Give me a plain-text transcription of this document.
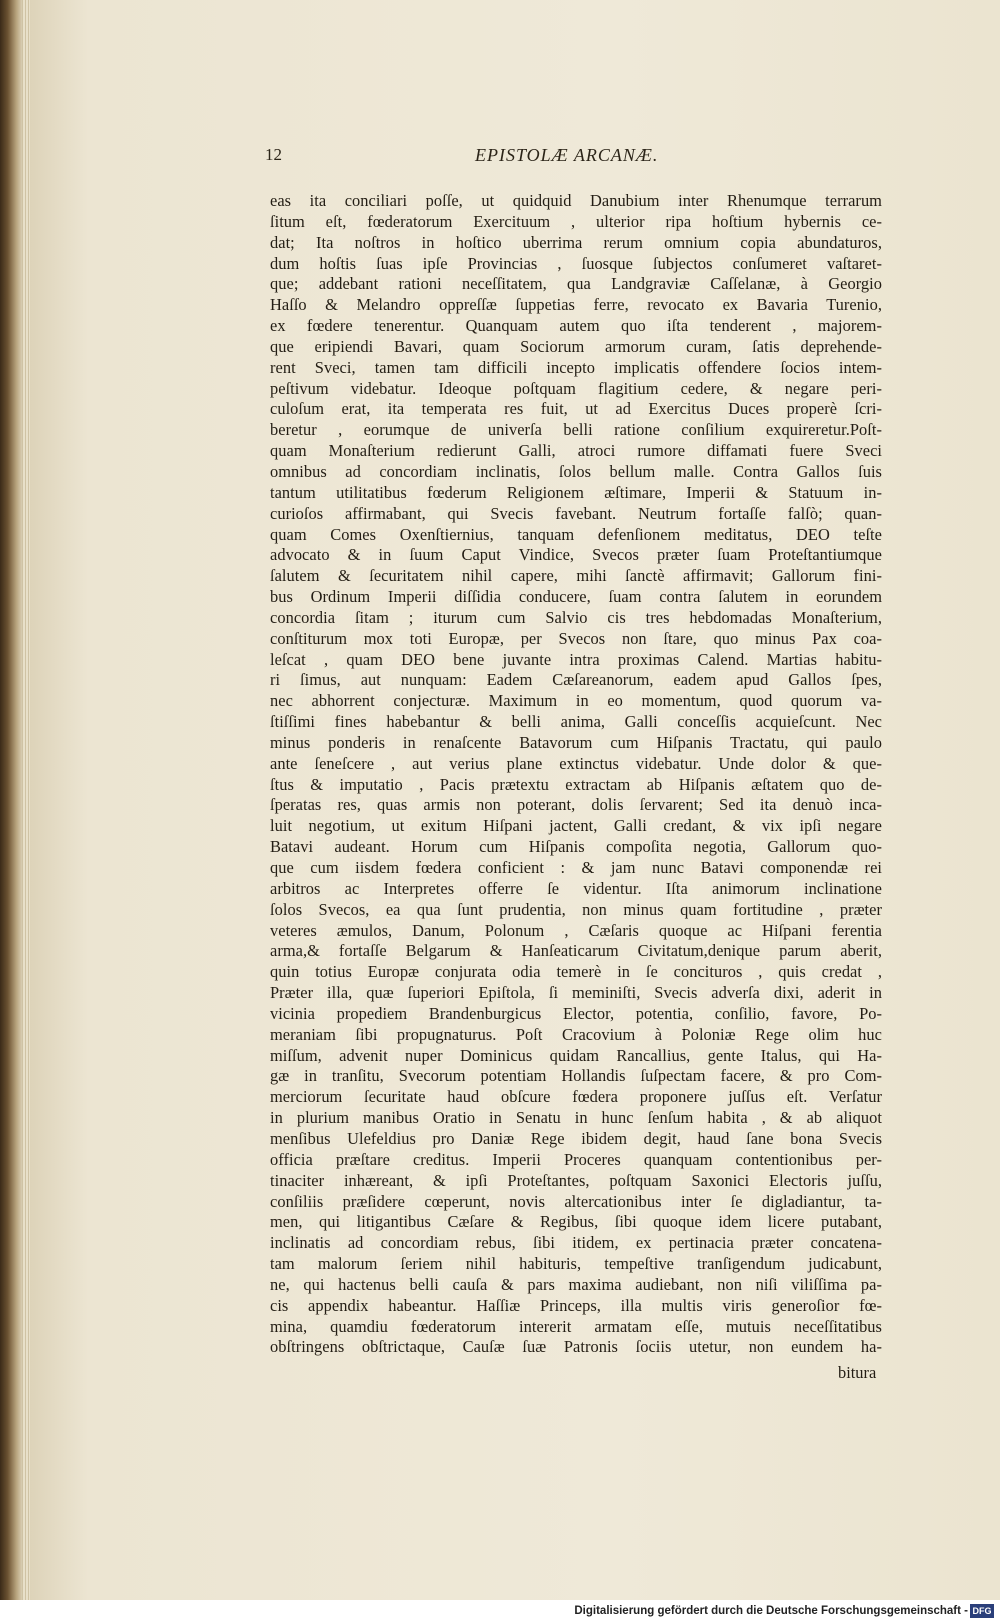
12	EPISTOLÆ ARCANÆ.
eas ita conciliari poſſe, ut quidquid Danubium inter Rhenumque terrarum
ſitum eſt, fœderatorum Exercituum , ulterior ripa hoſtium hybernis ce-
dat; Ita noſtros in hoſtico uberrima rerum omnium copia abundaturos,
dum hoſtis ſuas ipſe Provincias , ſuosque ſubjectos conſumeret vaſtaret-
que; addebant rationi neceſſitatem, qua Landgraviæ Caſſelanæ, à Georgio
Haſſo & Melandro oppreſſæ ſuppetias ferre, revocato ex Bavaria Turenio,
ex fœdere tenerentur. Quanquam autem quo iſta tenderent , majorem-
que eripiendi Bavari, quam Sociorum armorum curam, ſatis deprehende-
rent Sveci, tamen tam difficili incepto implicatis offendere ſocios intem-
peſtivum videbatur. Ideoque poſtquam flagitium cedere, & negare peri-
culoſum erat, ita temperata res fuit, ut ad Exercitus Duces properè ſcri-
beretur , eorumque de univerſa belli ratione conſilium exquireretur.Poſt-
quam Monaſterium redierunt Galli, atroci rumore diffamati fuere Sveci
omnibus ad concordiam inclinatis, ſolos bellum malle. Contra Gallos ſuis
tantum utilitatibus fœderum Religionem æſtimare, Imperii & Statuum in-
curioſos affirmabant, qui Svecis favebant. Neutrum fortaſſe falſò; quan-
quam Comes Oxenſtiernius, tanquam defenſionem meditatus, DEO teſte
advocato & in ſuum Caput Vindice, Svecos præter ſuam Proteſtantiumque
ſalutem & ſecuritatem nihil capere, mihi ſanctè affirmavit; Gallorum fini-
bus Ordinum Imperii diſſidia conducere, ſuam contra ſalutem in eorundem
concordia ſitam ; iturum cum Salvio cis tres hebdomadas Monaſterium,
conſtiturum mox toti Europæ, per Svecos non ſtare, quo minus Pax coa-
leſcat , quam DEO bene juvante intra proximas Calend. Martias habitu-
ri ſimus, aut nunquam: Eadem Cæſareanorum, eadem apud Gallos ſpes,
nec abhorrent conjecturæ. Maximum in eo momentum, quod quorum va-
ſtiſſimi fines habebantur & belli anima, Galli conceſſis acquieſcunt. Nec
minus ponderis in renaſcente Batavorum cum Hiſpanis Tractatu, qui paulo
ante ſeneſcere , aut verius plane extinctus videbatur. Unde dolor & que-
ſtus & imputatio , Pacis prætextu extractam ab Hiſpanis æſtatem quo de-
ſperatas res, quas armis non poterant, dolis ſervarent; Sed ita denuò inca-
luit negotium, ut exitum Hiſpani jactent, Galli credant, & vix ipſi negare
Batavi audeant. Horum cum Hiſpanis compoſita negotia, Gallorum quo-
que cum iisdem fœdera conficient : & jam nunc Batavi componendæ rei
arbitros ac Interpretes offerre ſe videntur. Iſta animorum inclinatione
ſolos Svecos, ea qua ſunt prudentia, non minus quam fortitudine , præter
veteres æmulos, Danum, Polonum , Cæſaris quoque ac Hiſpani ferentia
arma,& fortaſſe Belgarum & Hanſeaticarum Civitatum,denique parum aberit,
quin totius Europæ conjurata odia temerè in ſe concituros , quis credat ,
Præter illa, quæ ſuperiori Epiſtola, ſi meminiſti, Svecis adverſa dixi, aderit in
vicinia propediem Brandenburgicus Elector, potentia, conſilio, favore, Po-
meraniam ſibi propugnaturus. Poſt Cracovium à Poloniæ Rege olim huc
miſſum, advenit nuper Dominicus quidam Rancallius, gente Italus, qui Ha-
gæ in tranſitu, Svecorum potentiam Hollandis ſuſpectam facere, & pro Com-
merciorum ſecuritate haud obſcure fœdera proponere juſſus eſt. Verſatur
in plurium manibus Oratio in Senatu in hunc ſenſum habita , & ab aliquot
menſibus Ulefeldius pro Daniæ Rege ibidem degit, haud ſane bona Svecis
officia præſtare creditus. Imperii Proceres quanquam contentionibus per-
tinaciter inhæreant, & ipſi Proteſtantes, poſtquam Saxonici Electoris juſſu,
conſiliis præſidere cœperunt, novis altercationibus inter ſe digladiantur, ta-
men, qui litigantibus Cæſare & Regibus, ſibi quoque idem licere putabant,
inclinatis ad concordiam rebus, ſibi itidem, ex pertinacia præter concatena-
tam malorum ſeriem nihil habituris, tempeſtive tranſigendum judicabunt,
ne, qui hactenus belli cauſa & pars maxima audiebant, non niſi viliſſima pa-
cis appendix habeantur. Haſſiæ Princeps, illa multis viris generoſior fœ-
mina, quamdiu fœderatorum intererit armatam eſſe, mutuis neceſſitatibus
obſtringens obſtrictaque, Cauſæ ſuæ Patronis ſociis utetur, non eundem ha-
bitura
Digitalisierung gefördert durch die Deutsche Forschungsgemeinschaft - DFG
